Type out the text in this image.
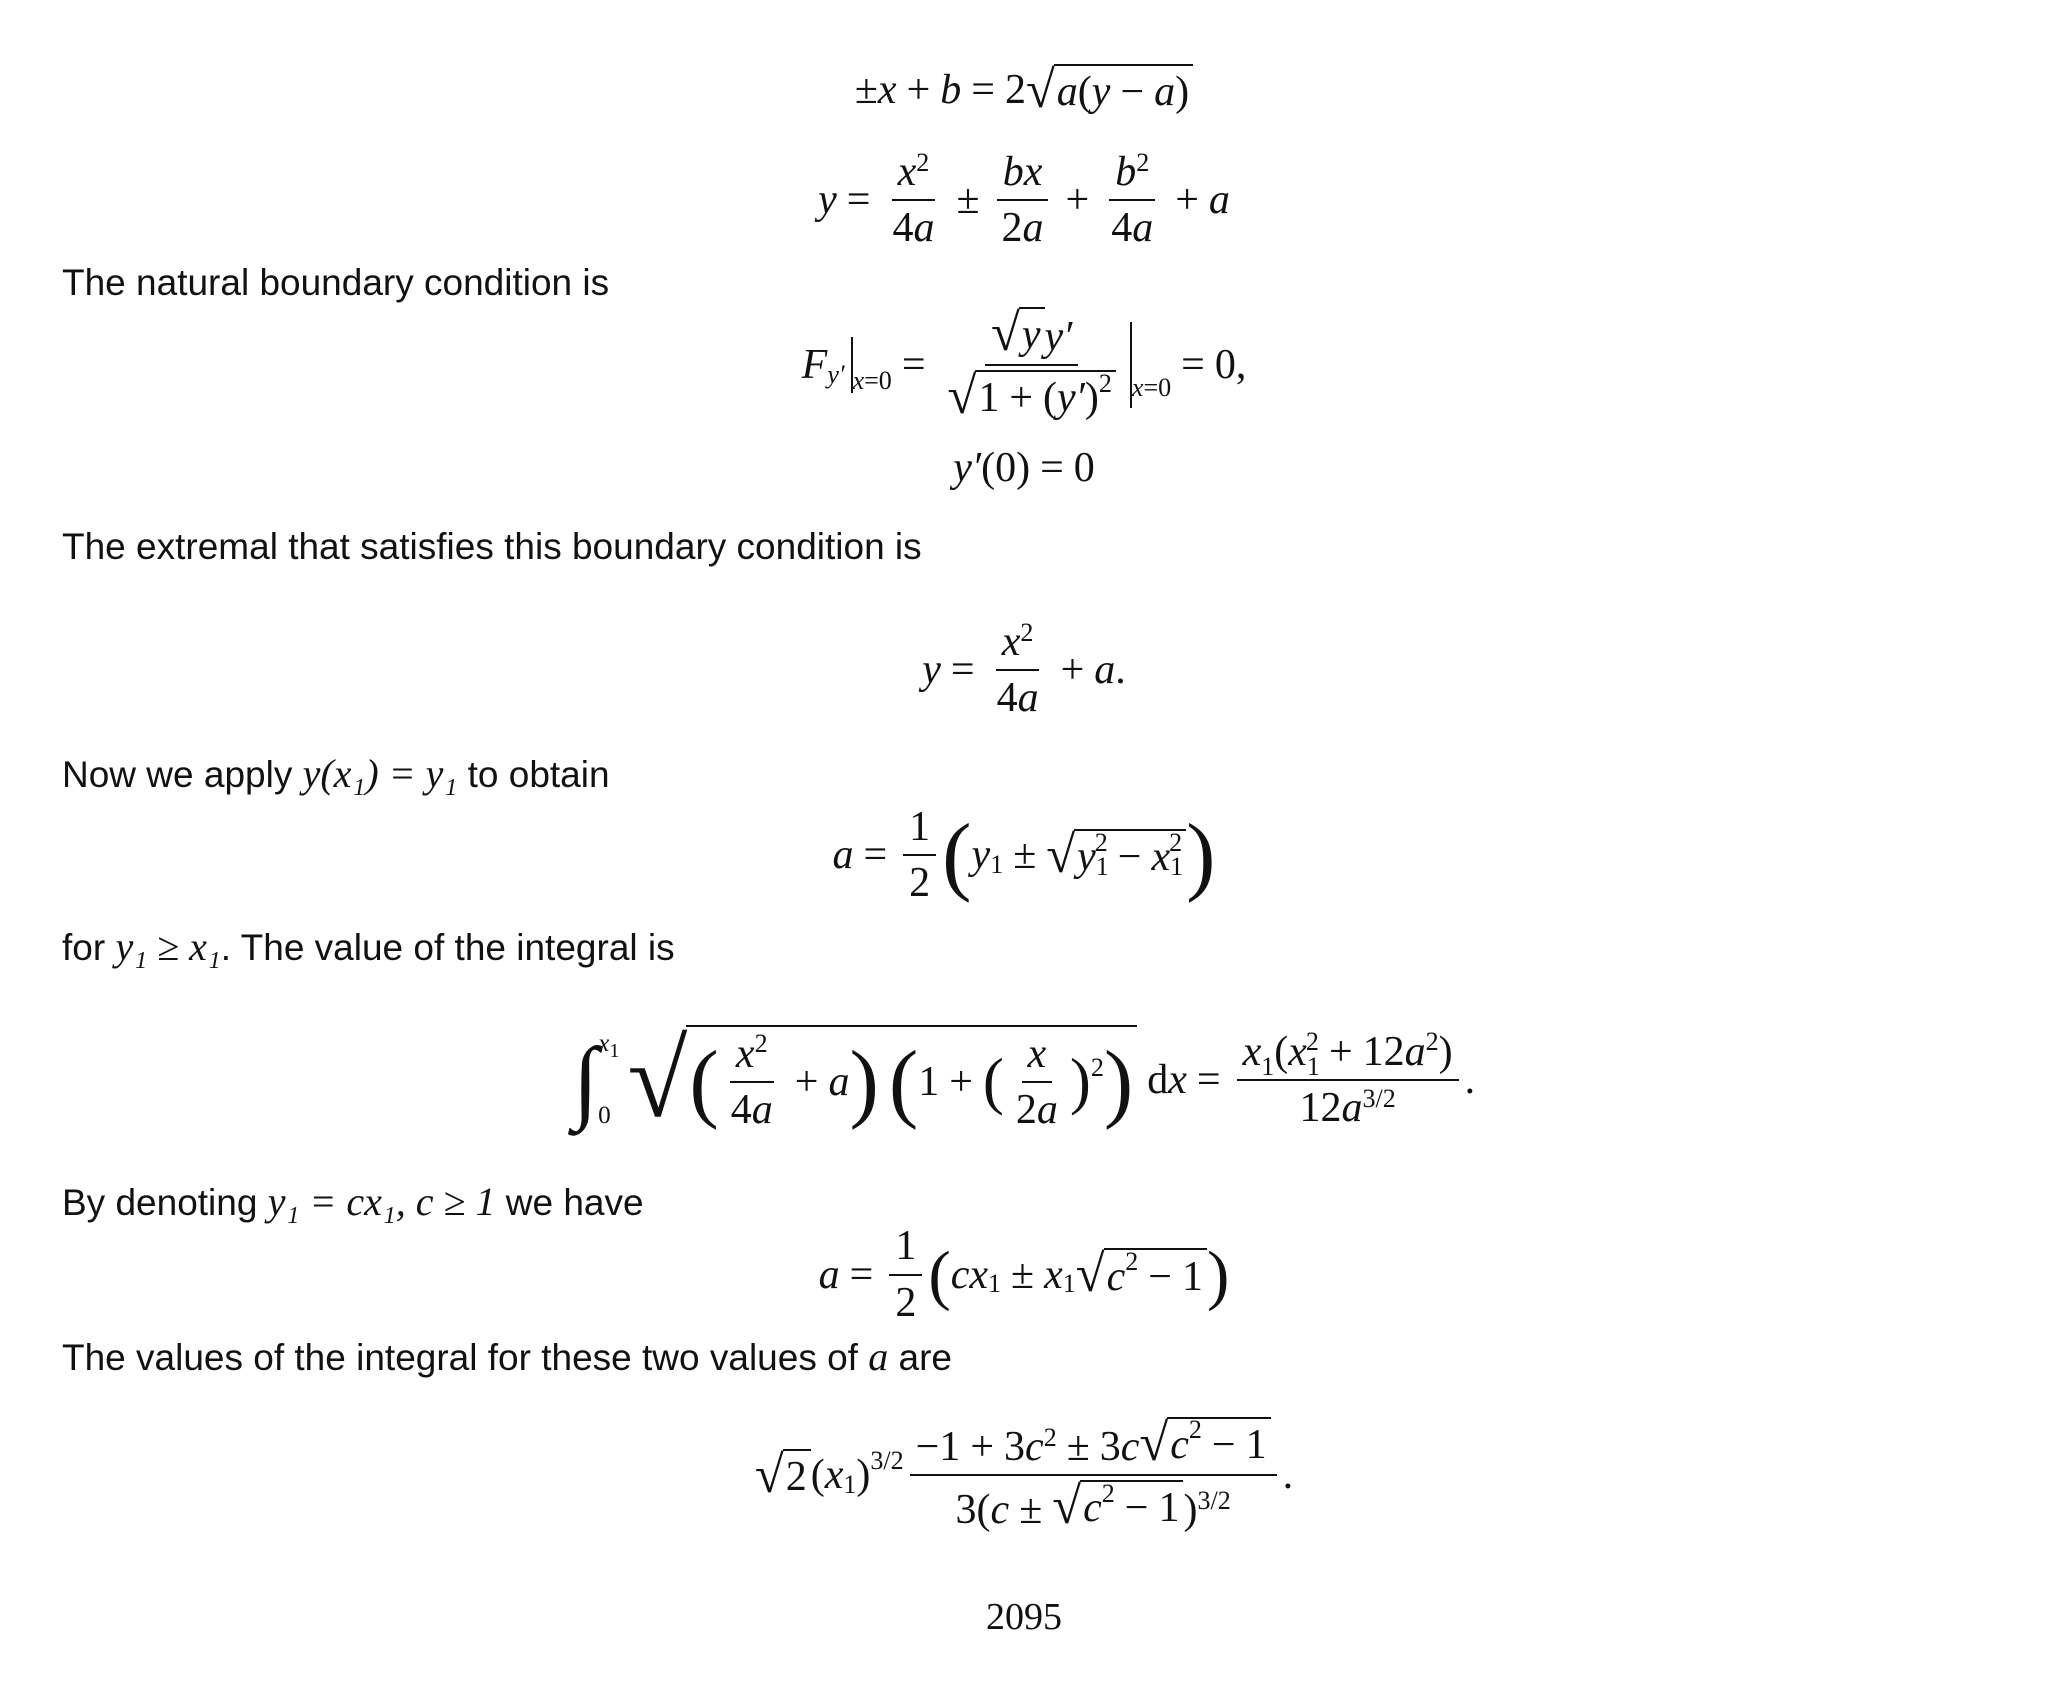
± x + b = 2 √ a ( y − a )
$y = \frac{x^2}{4a} \pm \frac{bx}{2a} + \frac{b^2}{4a} + a$
The natural boundary condition is
F y′ $x=0 = \frac{\text{√ y y′}}{√ 1 + ( y' ) 2} x=0 = 0$,
y′ (0) = 0
The extremal that satisfies this boundary condition is
$y = \frac{x^2}{4a} + a$ .
Now we apply y(x₁) = y₁ to obtain
$a = \frac{1}{2}$ ( y 1 ± √ y 1
2 − x 1
2 )
for y₁ ≥ x₁. The value of the integral is
∫ $x_1$
0 √ ( $\frac{x^2}{4a} + a$ ) ( 1 + ( $\frac{x}{2a}$ ) 2 ) dx = $\frac{x_1(x_1^2 + 12a^2)}{12a^{3/2}}$ .
By denoting y₁ = cx₁, c ≥ 1 we have
$a = \frac{1}{2}$ ( cx 1 ± x 1 √ c 2 − 1 )
The values of the integral for these two values of a are
√ 2 ( x 1 ) $3/2 \frac{-1 + 3c^2 \pm 3c √ c 2 - 1}{3(c \pm √ c 2 - 1 )^{3/2}}$ .
2095
